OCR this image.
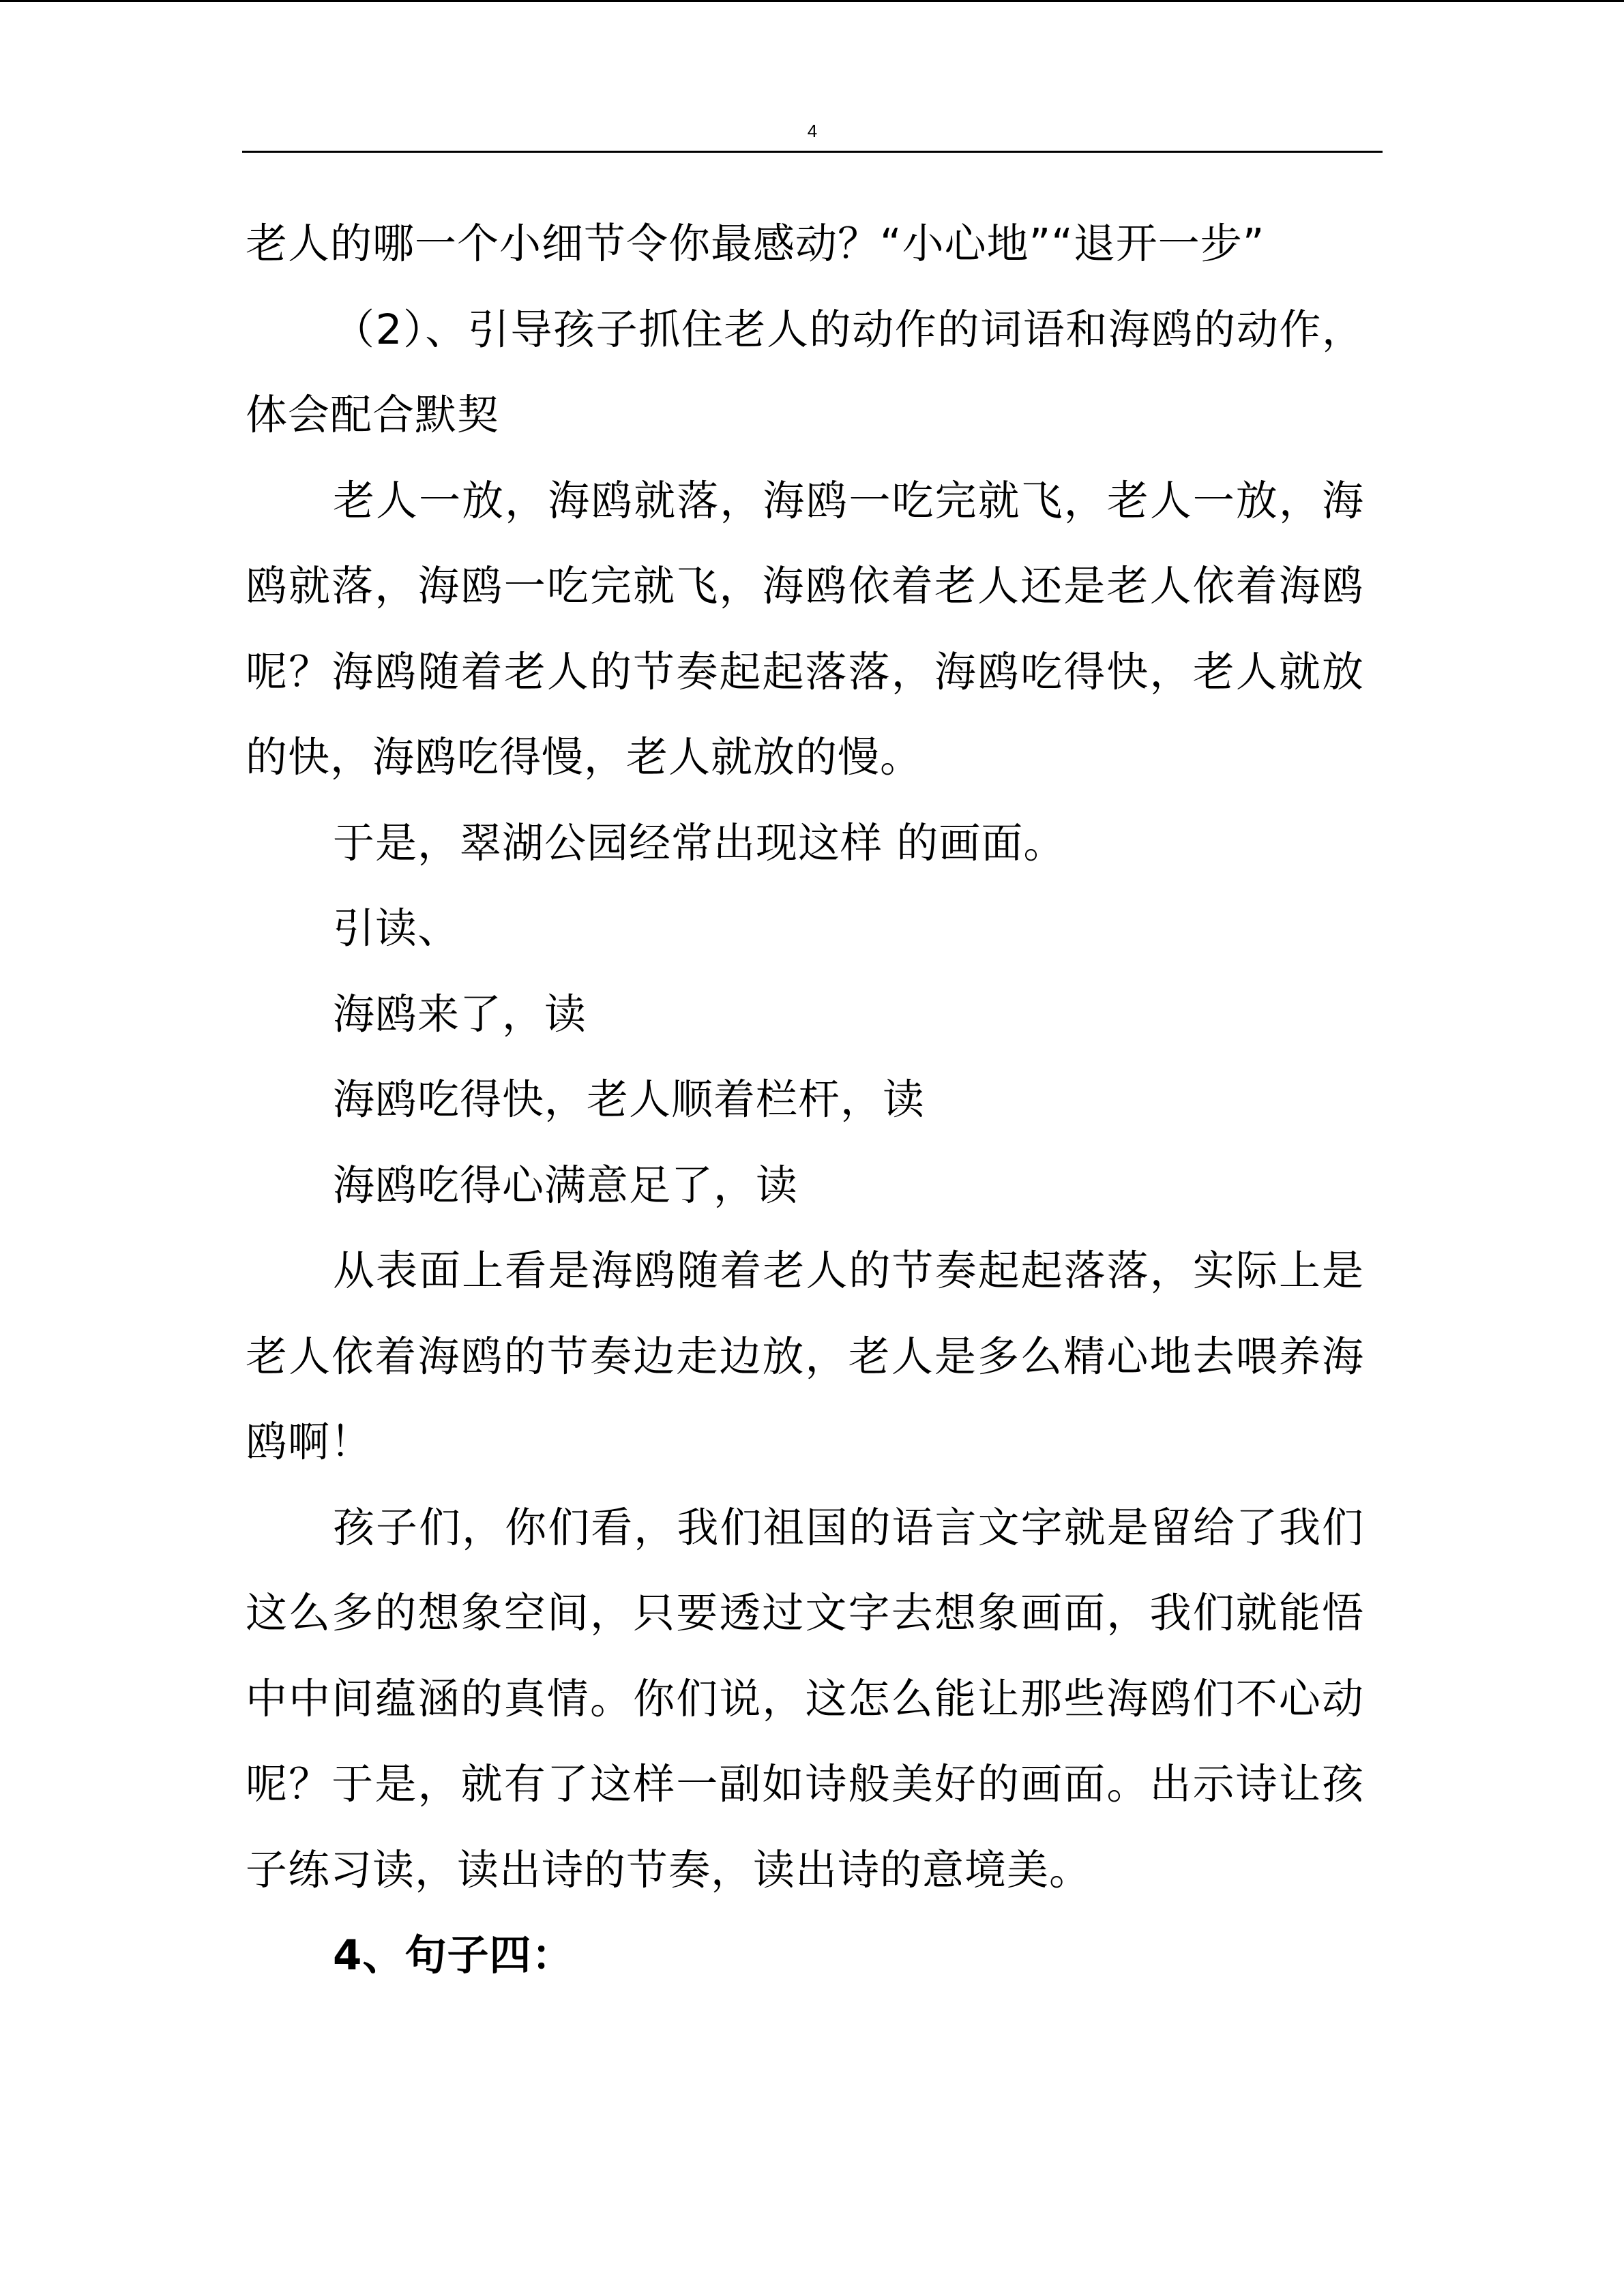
4

老人的哪一个小细节令你最感动？“小心地”“退开一步”

（2）、引导孩子抓住老人的动作的词语和海鸥的动作，体会配合默契

老人一放，海鸥就落，海鸥一吃完就飞，老人一放，海鸥就落，海鸥一吃完就飞，海鸥依着老人还是老人依着海鸥呢？海鸥随着老人的节奏起起落落，海鸥吃得快，老人就放的快，海鸥吃得慢，老人就放的慢。

于是，翠湖公园经常出现这样 的画面。

引读、

海鸥来了，读

海鸥吃得快，老人顺着栏杆，读

海鸥吃得心满意足了，读

从表面上看是海鸥随着老人的节奏起起落落，实际上是老人依着海鸥的节奏边走边放，老人是多么精心地去喂养海鸥啊！

孩子们，你们看，我们祖国的语言文字就是留给了我们这么多的想象空间，只要透过文字去想象画面，我们就能悟中中间蕴涵的真情。你们说，这怎么能让那些海鸥们不心动呢？于是，就有了这样一副如诗般美好的画面。出示诗让孩子练习读，读出诗的节奏，读出诗的意境美。

4、句子四：
